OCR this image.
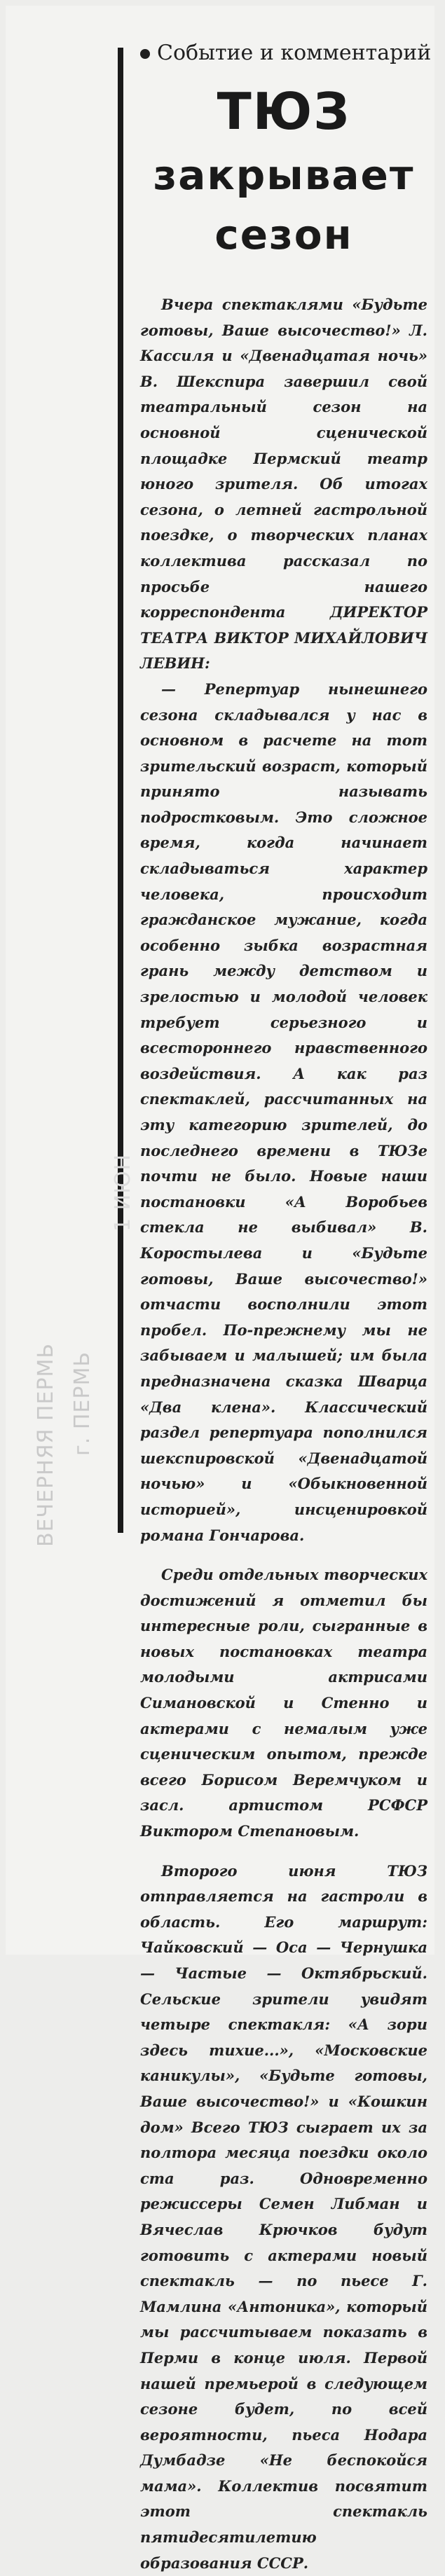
ВЕЧЕРНЯЯ ПЕРМЬ г. ПЕРМЬ
1 ИЮН
Событие и комментарий
ТЮЗ
закрывает
сезон

Вчера спектаклями «Будьте готовы, Ваше высочество!» Л. Кассиля и «Двенадцатая ночь» В. Шекспира завершил свой театральный сезон на основной сценической площадке Пермский театр юного зрителя. Об итогах сезона, о летней гастрольной поездке, о творческих планах коллектива рассказал по просьбе нашего корреспондента ДИРЕКТОР ТЕАТРА ВИКТОР МИХАЙЛОВИЧ ЛЕВИН:

— Репертуар нынешнего сезона складывался у нас в основном в расчете на тот зрительский возраст, который принято называть подростковым. Это сложное время, когда начинает складываться характер человека, происходит гражданское мужание, когда особенно зыбка возрастная грань между детством и зрелостью и молодой человек требует серьезного и всестороннего нравственного воздействия. А как раз спектаклей, рассчитанных на эту категорию зрителей, до последнего времени в ТЮЗе почти не было. Новые наши постановки «А Воробьев стекла не выбивал» В. Коростылева и «Будьте готовы, Ваше высочество!» отчасти восполнили этот пробел. По-прежнему мы не забываем и малышей; им была предназначена сказка Шварца «Два клена». Классический раздел репертуара пополнился шекспировской «Двенадцатой ночью» и «Обыкновенной историей», инсценировкой романа Гончарова.

Среди отдельных творческих достижений я отметил бы интересные роли, сыгранные в новых постановках театра молодыми актрисами Симановской и Стенно и актерами с немалым уже сценическим опытом, прежде всего Борисом Веремчуком и засл. артистом РСФСР Виктором Степановым.

Второго июня ТЮЗ отправляется на гастроли в область. Его маршрут: Чайковский — Оса — Чернушка — Частые — Октябрьский. Сельские зрители увидят четыре спектакля: «А зори здесь тихие...», «Московские каникулы», «Будьте готовы, Ваше высочество!» и «Кошкин дом» Всего ТЮЗ сыграет их за полтора месяца поездки около ста раз. Одновременно режиссеры Семен Либман и Вячеслав Крючков будут готовить с актерами новый спектакль — по пьесе Г. Мамлина «Антоника», который мы рассчитываем показать в Перми в конце июля. Первой нашей премьерой в следующем сезоне будет, по всей вероятности, пьеса Нодара Думбадзе «Не беспокойся мама». Коллектив посвятит этот спектакль пятидесятилетию образования СССР.
